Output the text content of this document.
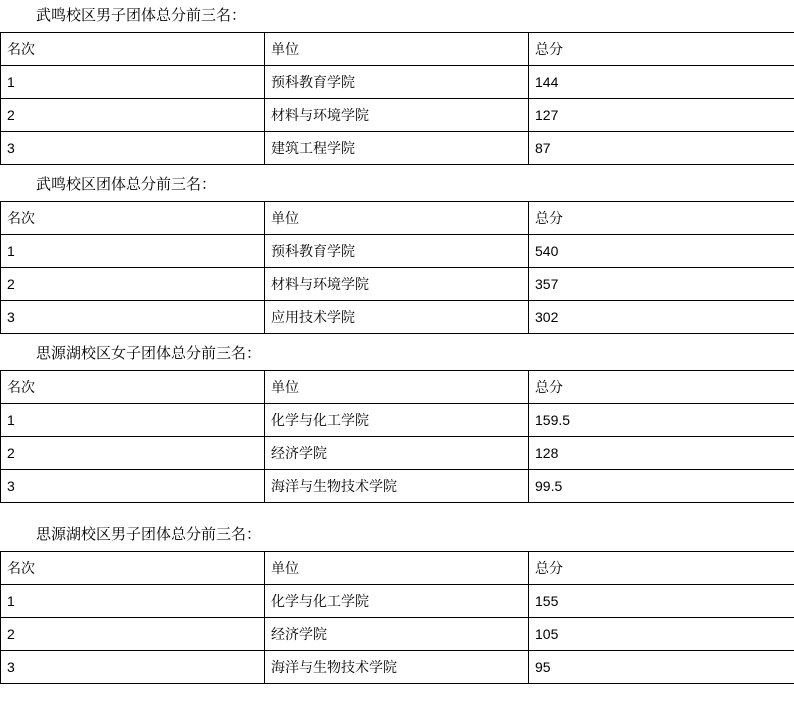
武鸣校区男子团体总分前三名：
名次	单位	总分
1	预科教育学院	144
2	材料与环境学院	127
3	建筑工程学院	87
武鸣校区团体总分前三名：
名次	单位	总分
1	预科教育学院	540
2	材料与环境学院	357
3	应用技术学院	302
思源湖校区女子团体总分前三名：
名次	单位	总分
1	化学与化工学院	159.5
2	经济学院	128
3	海洋与生物技术学院	99.5
思源湖校区男子团体总分前三名：
名次	单位	总分
1	化学与化工学院	155
2	经济学院	105
3	海洋与生物技术学院	95
